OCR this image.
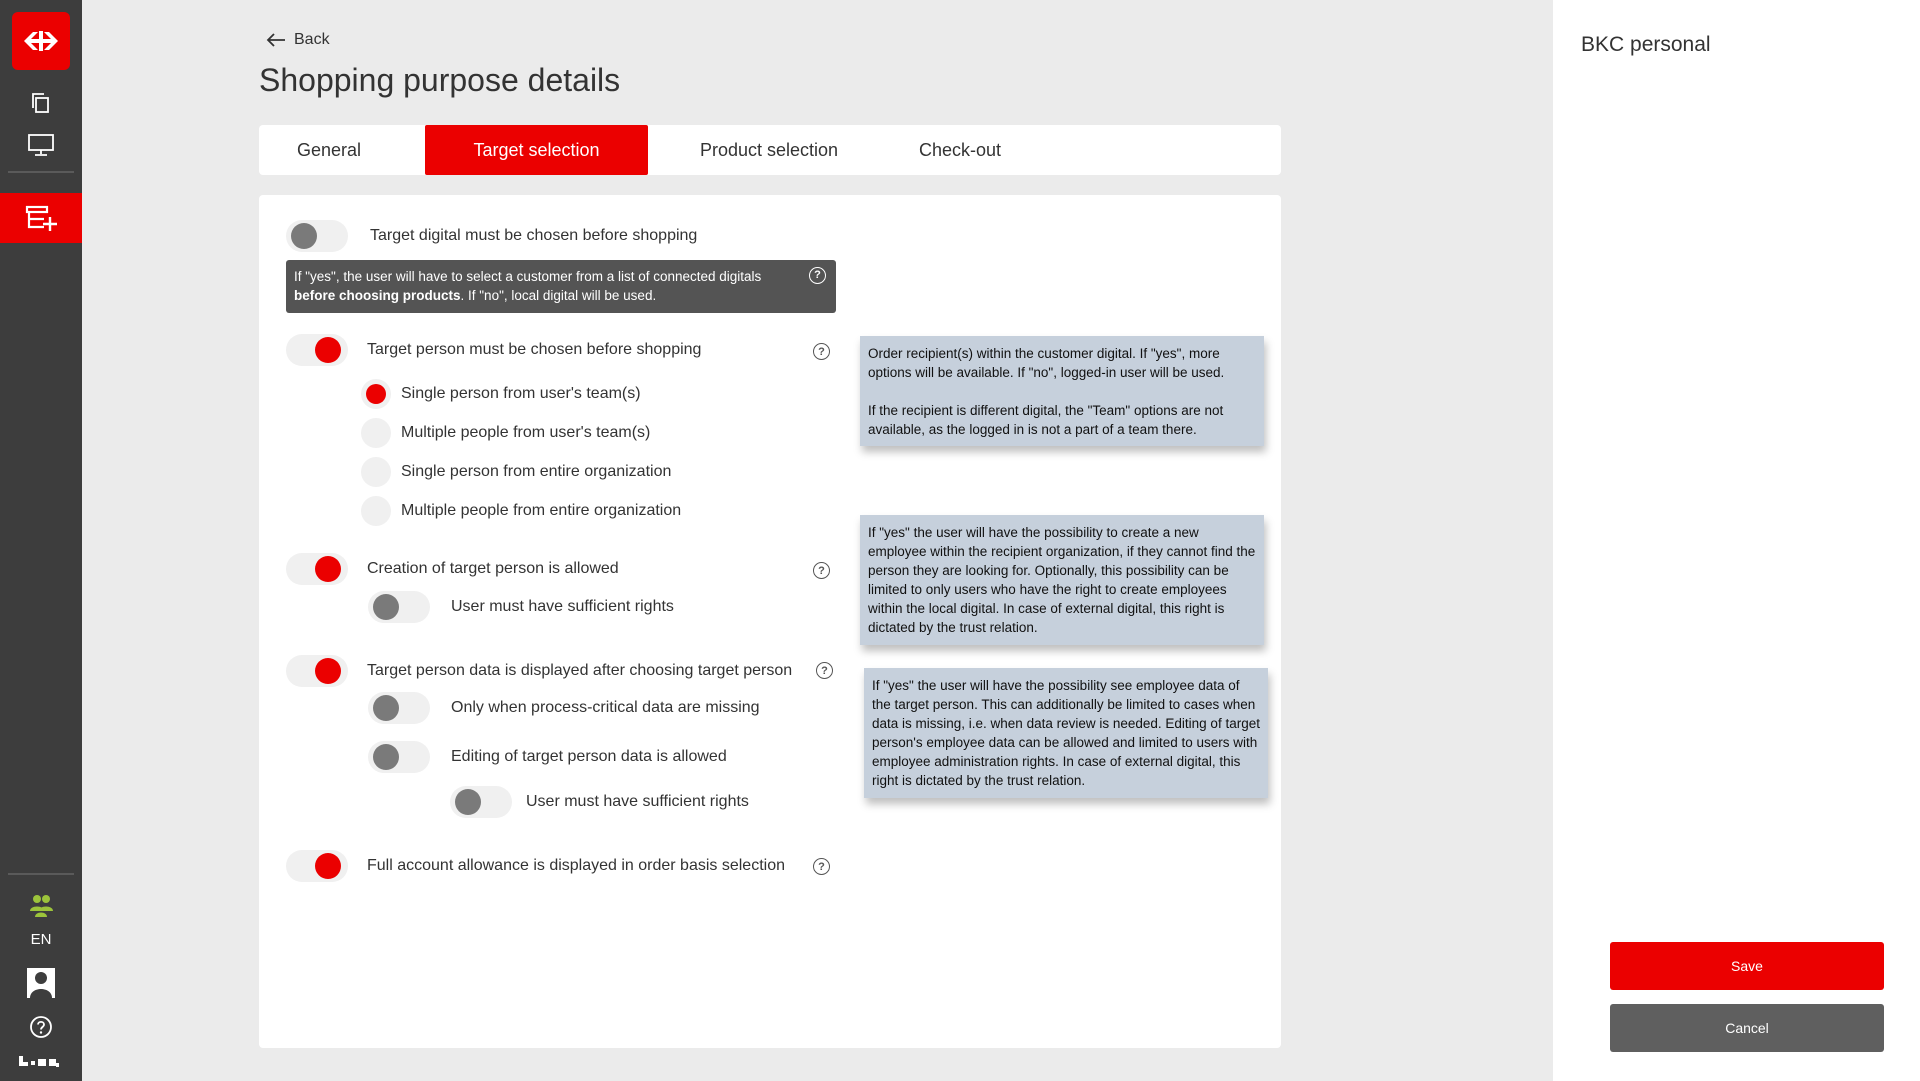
EN
Back
Shopping purpose details
General	Target selection	Product selection	Check-out
Target digital must be chosen before shopping
If "yes", the user will have to select a customer from a list of connected digitals before choosing products. If "no", local digital will be used.
?
Target person must be chosen before shopping	?
Single person from user's team(s)
Multiple people from user's team(s)
Single person from entire organization
Multiple people from entire organization
Order recipient(s) within the customer digital. If "yes", more options will be available. If "no", logged-in user will be used.
If the recipient is different digital, the "Team" options are not available, as the logged in is not a part of a team there.
Creation of target person is allowed	?
User must have sufficient rights
If "yes" the user will have the possibility to create a new employee within the recipient organization, if they cannot find the person they are looking for. Optionally, this possibility can be limited to only users who have the right to create employees within the local digital. In case of external digital, this right is dictated by the trust relation.
Target person data is displayed after choosing target person	?
Only when process-critical data are missing
Editing of target person data is allowed
User must have sufficient rights
If "yes" the user will have the possibility see employee data of the target person. This can additionally be limited to cases when data is missing, i.e. when data review is needed. Editing of target person's employee data can be allowed and limited to users with employee administration rights. In case of external digital, this right is dictated by the trust relation.
Full account allowance is displayed in order basis selection	?
BKC personal
Save
Cancel
